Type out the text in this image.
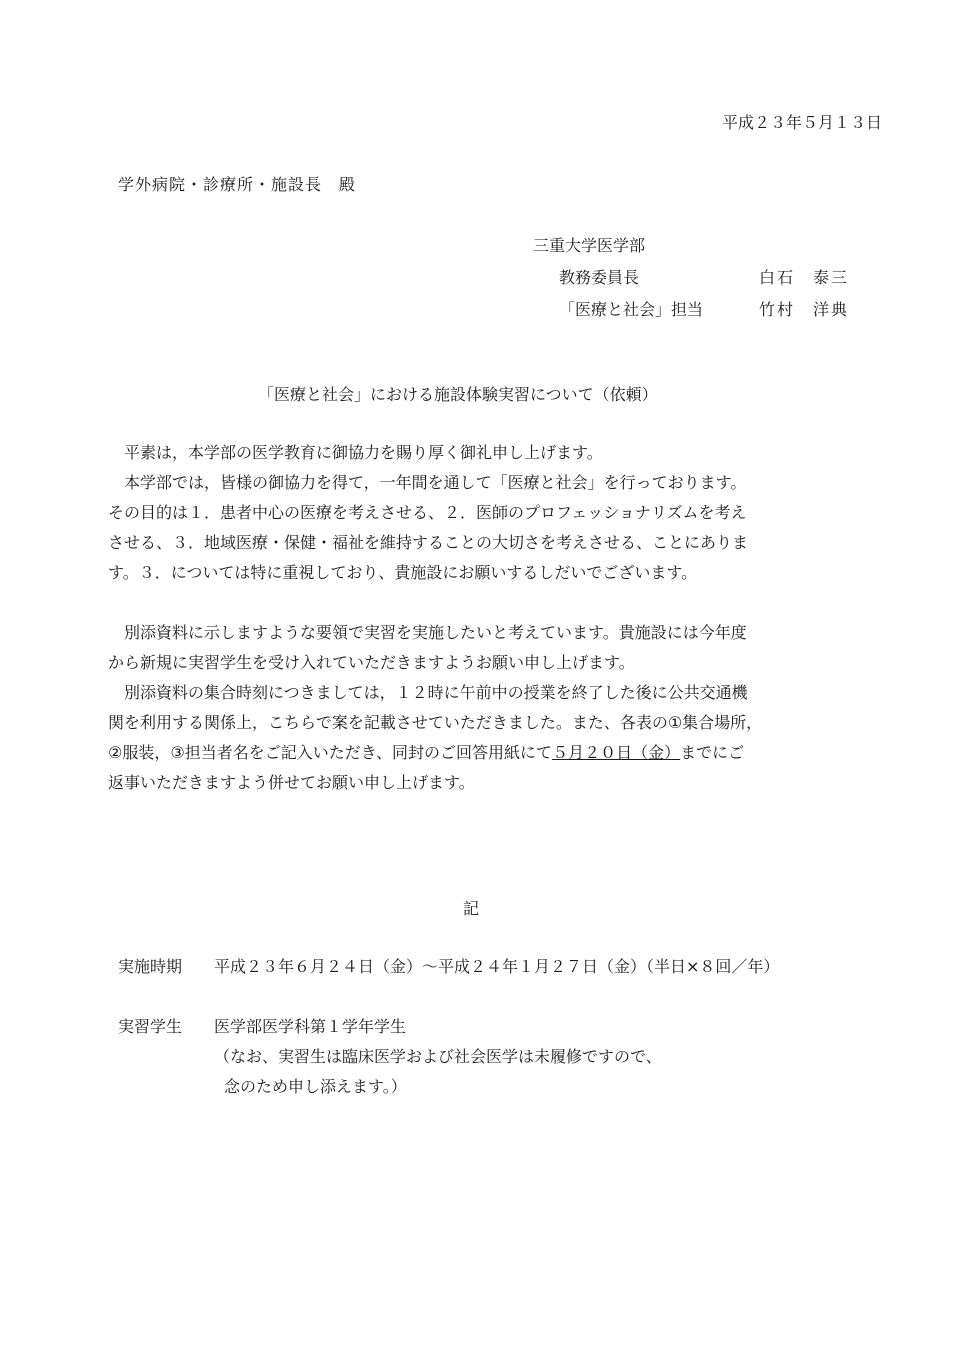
平成２３年５月１３日
学外病院・診療所・施設長　殿
三重大学医学部
教務委員長	白石　泰三
「医療と社会」担当	竹村　洋典
「医療と社会」における施設体験実習について（依頼）

　平素は，本学部の医学教育に御協力を賜り厚く御礼申し上げます。

　本学部では，皆様の御協力を得て，一年間を通して「医療と社会」を行っております。

その目的は１．患者中心の医療を考えさせる、２．医師のプロフェッショナリズムを考え

させる、３．地域医療・保健・福祉を維持することの大切さを考えさせる、ことにありま

す。３．については特に重視しており、貴施設にお願いするしだいでございます。

　別添資料に示しますような要領で実習を実施したいと考えています。貴施設には今年度

から新規に実習学生を受け入れていただきますようお願い申し上げます。

　別添資料の集合時刻につきましては，１２時に午前中の授業を終了した後に公共交通機

関を利用する関係上，こちらで案を記載させていただきました。また、各表の①集合場所，

②服装，③担当者名をご記入いただき、同封のご回答用紙にて５月２０日（金）までにご

返事いただきますよう併せてお願い申し上げます。

記
実施時期	平成２３年６月２４日（金）～平成２４年１月２７日（金）（半日×８回／年）
実習学生	医学部医学科第１学年学生
（なお、実習生は臨床医学および社会医学は未履修ですので、
念のため申し添えます。）
